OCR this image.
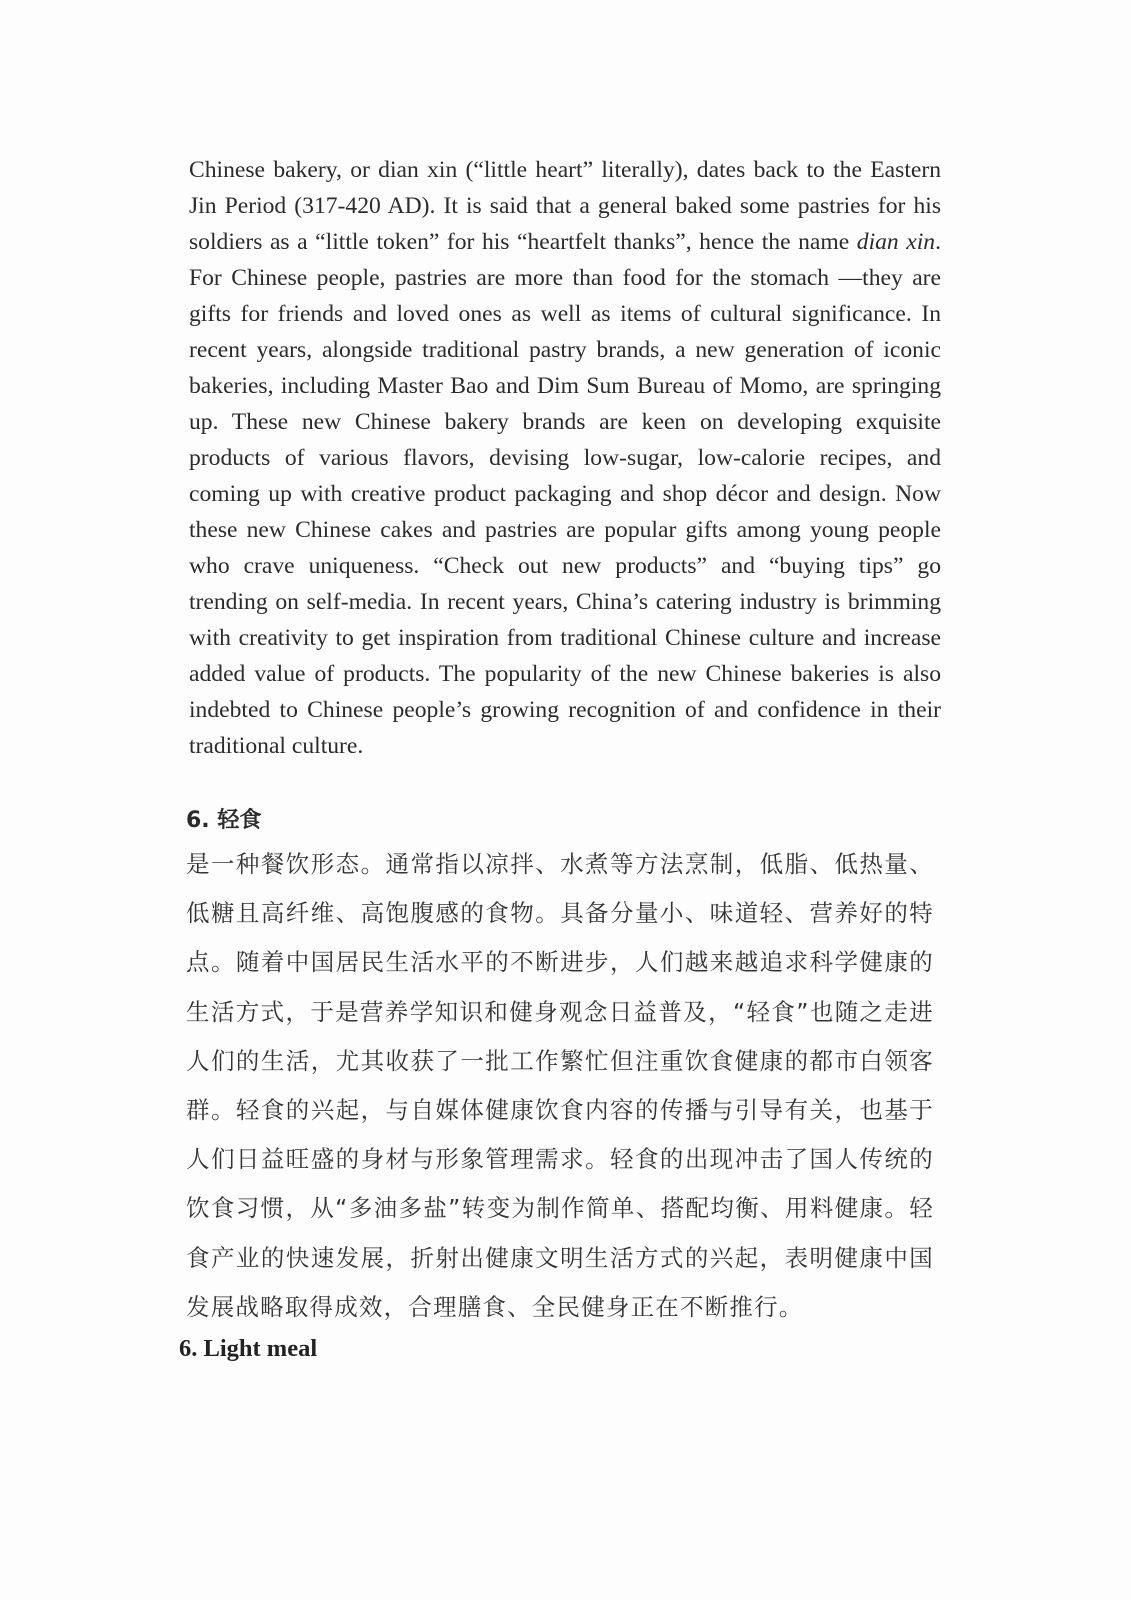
Chinese bakery, or dian xin (“little heart” literally), dates back to the Eastern Jin Period (317-420 AD). It is said that a general baked some pastries for his soldiers as a “little token” for his “heartfelt thanks”, hence the name dian xin. For Chinese people, pastries are more than food for the stomach —they are gifts for friends and loved ones as well as items of cultural significance. In recent years, alongside traditional pastry brands, a new generation of iconic bakeries, including Master Bao and Dim Sum Bureau of Momo, are springing up. These new Chinese bakery brands are keen on developing exquisite products of various flavors, devising low-sugar, low-calorie recipes, and coming up with creative product packaging and shop décor and design. Now these new Chinese cakes and pastries are popular gifts among young people who crave uniqueness. “Check out new products” and “buying tips” go trending on self-media. In recent years, China’s catering industry is brimming with creativity to get inspiration from traditional Chinese culture and increase added value of products. The popularity of the new Chinese bakeries is also indebted to Chinese people’s growing recognition of and confidence in their traditional culture.

6. 轻食

是一种餐饮形态。通常指以凉拌、水煮等方法烹制，低脂、低热量、低糖且高纤维、高饱腹感的食物。具备分量小、味道轻、营养好的特点。随着中国居民生活水平的不断进步，人们越来越追求科学健康的生活方式，于是营养学知识和健身观念日益普及，“轻食”也随之走进人们的生活，尤其收获了一批工作繁忙但注重饮食健康的都市白领客群。轻食的兴起，与自媒体健康饮食内容的传播与引导有关，也基于人们日益旺盛的身材与形象管理需求。轻食的出现冲击了国人传统的饮食习惯，从“多油多盐”转变为制作简单、搭配均衡、用料健康。轻食产业的快速发展，折射出健康文明生活方式的兴起，表明健康中国发展战略取得成效，合理膳食、全民健身正在不断推行。

6. Light meal
